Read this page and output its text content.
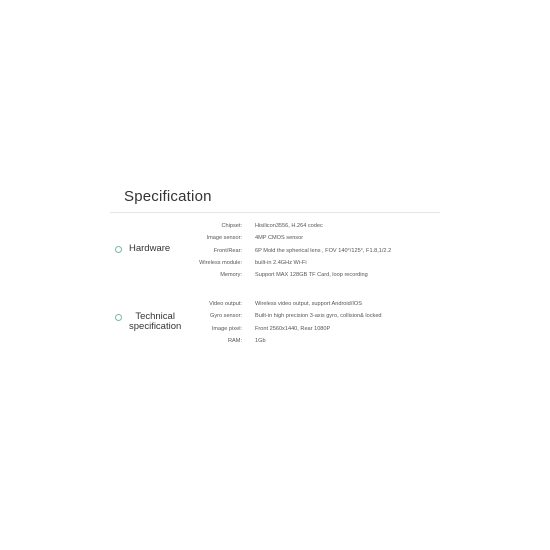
Specification
Hardware
Chipset: Hisilicon3556, H.264 codec
Image sensor: 4MP CMOS sensor
Front/Rear: 6P Mold the spherical lens , FOV 140°/125°, F1.8,1/2.2
Wireless module: built-in 2.4GHz Wi-Fi
Memory: Support MAX 128GB TF Card, loop recording
Technical
specification
Video output: Wireless video output, support Android/IOS
Gyro sensor: Built-in high precision 3-axis gyro, collision& locked
Image pixel: Front 2560x1440, Rear 1080P
RAM: 1Gb
